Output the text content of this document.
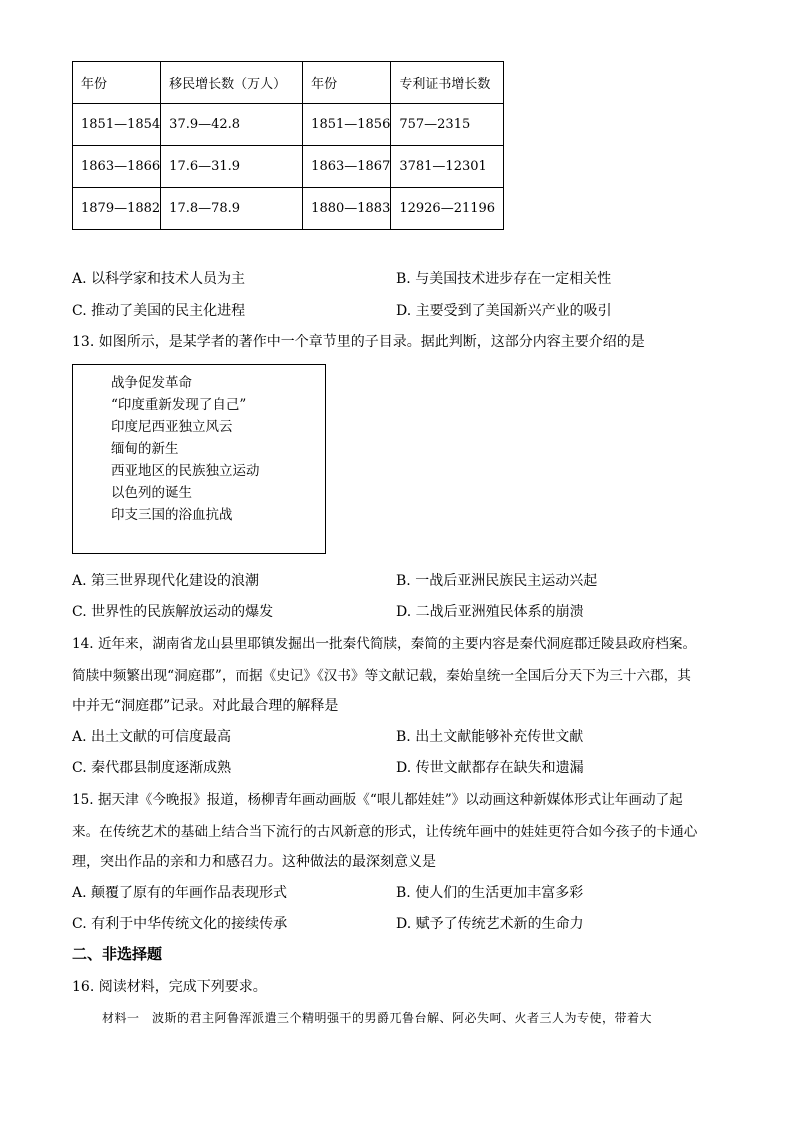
年份	移民增长数（万人）	年份	专利证书增长数
1851—1854	37.9—42.8	1851—1856	757—2315
1863—1866	17.6—31.9	1863—1867	3781—12301
1879—1882	17.8—78.9	1880—1883	12926—21196
A. 以科学家和技术人员为主	B. 与美国技术进步存在一定相关性
C. 推动了美国的民主化进程	D. 主要受到了美国新兴产业的吸引
13. 如图所示，是某学者的著作中一个章节里的子目录。据此判断，这部分内容主要介绍的是
战争促发革命
“印度重新发现了自己”
印度尼西亚独立风云
缅甸的新生
西亚地区的民族独立运动
以色列的诞生
印支三国的浴血抗战
A. 第三世界现代化建设的浪潮	B. 一战后亚洲民族民主运动兴起
C. 世界性的民族解放运动的爆发	D. 二战后亚洲殖民体系的崩溃
14. 近年来，湖南省龙山县里耶镇发掘出一批秦代简牍，秦简的主要内容是秦代洞庭郡迁陵县政府档案。
简牍中频繁出现“洞庭郡”，而据《史记》《汉书》等文献记载，秦始皇统一全国后分天下为三十六郡，其
中并无“洞庭郡”记录。对此最合理的解释是
A. 出土文献的可信度最高	B. 出土文献能够补充传世文献
C. 秦代郡县制度逐渐成熟	D. 传世文献都存在缺失和遗漏
15. 据天津《今晚报》报道，杨柳青年画动画版《“哏儿都娃娃”》以动画这种新媒体形式让年画动了起
来。在传统艺术的基础上结合当下流行的古风新意的形式，让传统年画中的娃娃更符合如今孩子的卡通心
理，突出作品的亲和力和感召力。这种做法的最深刻意义是
A. 颠覆了原有的年画作品表现形式	B. 使人们的生活更加丰富多彩
C. 有利于中华传统文化的接续传承	D. 赋予了传统艺术新的生命力
二、非选择题
16. 阅读材料，完成下列要求。
材料一　波斯的君主阿鲁浑派遣三个精明强干的男爵兀鲁台解、阿必失呵、火者三人为专使，带着大
